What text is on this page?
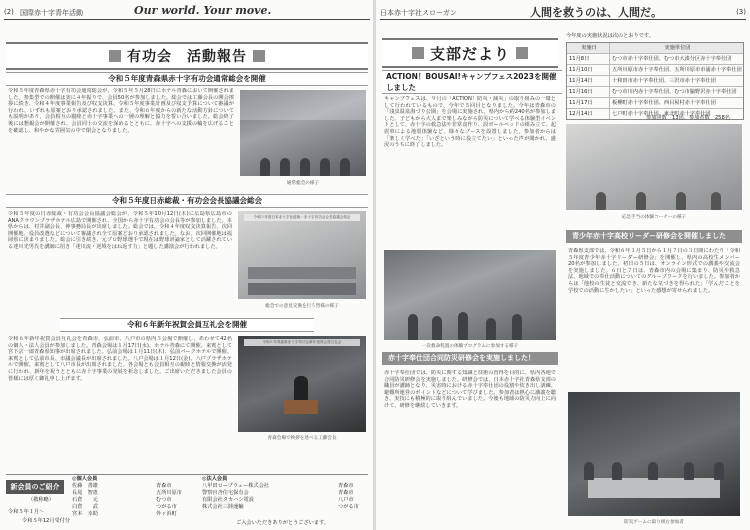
(2) 国際赤十字青年活動	Our world. Your move.
有功会　活動報告
令和５年度青森県赤十字有功会通常総会を開催
令和５年度青森県赤十字有功会通常総会が、令和５年５月28日にホテル青森において開催されました。参集型での開催は実に４年振りで、会員50名が参加しました。総会では工藤会長の開会挨拶に続き、令和４年度事業報告及び収支決算、令和５年度事業計画及び収支予算について審議が行われ、いずれも原案どおり承認されました。また、令和６年度からの新たな活動方針についても説明があり、会員相互の親睦と赤十字事業への一層の理解と協力を誓い合いました。総会終了後には懇親会が開催され、会員同士の交流を深めるとともに、赤十字への支援の輪を広げることを確認し、和やかな雰囲気の中で閉会となりました。
通常総会の様子
令和５年度日赤総裁・有功会会長協議会総会
令和５年度の日赤総裁・有功会会長協議会総会が、令和５年10月12日(木)に広島県広島市のANAクラウンプラザホテル広島で開催され、全国から赤十字有功会の会長等が参加しました。本県からは、村井副会長、神事務局長が出席しました。総会では、令和４年度収支決算報告、次回開催地、役員改選などについて審議され全て原案どおり承認されました。なお、次回開催地は福岡県に決まりました。総会に引き続き、元プロ野球選手で現在は野球評論家として活躍されている達川光男氏を講師に招き「達川流・逆境をはね返す力」と題した講演会が行われました。
令和５年度日本赤十字社総裁・赤十字有功会会長協議会総会
総会での意見交換を行う皆様の様子
令和６年新年祝賀会員互礼会を開催
令和６年新年祝賀会員互礼会を青森市、弘前市、八戸市の県内３会場で開催し、あわせて42名の個人・法人会員が参加しました。青森会場は１月17日(水)、ホテル青森にて開催。来賓として宮下宗一郎青森県知事が出席されました。弘前会場は１月11日(木)、弘前パークホテルで開催。来賓として弘前市長、市議会議長が出席されました。八戸会場は１月12日(金)、八戸プラザホテルで開催。来賓として八戸市長が出席されました。各会場とも会員相互の親睦と情報交換が活発に行われ、新年を祝うとともに赤十字事業の発展を祈念しました。ご出席いただきました会員の皆様には厚く御礼申し上げます。
令和６年青森県赤十字有功会新年祝賀会員互礼会
青森会場で挨拶を述べる工藤会長
新会員のご紹介
（敬称略）
令和５年１月～
令和５年12月受付分
◎個人会員
佐藤　善雄	青森市
長尾　智恵	五所川原市
石倉　　元	むつ市
白倉　　武	つがる市
宮本　幸助	外ヶ浜町
◎法人会員
八甲田ロープウェー株式会社	青森市
警察官舎住宅保有会	青森市
有限会社タカハシ電設	八戸市
株式会社三陸運輸	つがる市
ご入会いただきありがとうございます。
日本赤十字社スローガン	人間を救うのは、人間だ。	(3)
支部だより
ACTION！BOUSAI!キャンプフェス2023を開催しました
キャンプフェスは、９月の「ACTION！防災・減災」の取り組みの一環として行われているもので、今年で５回目となりました。今年は青森市の「浅虫温泉海づり公園」を会場に実施され、県内から約240名が参加しました。子どもから大人まで楽しみながら防災について学べる体験型イベントとして、赤十字の救急法や非常食作り、段ボールベッドの組み立て、起震車による地震体験など、様々なブースを設置しました。参加者からは「楽しく学べた」「いざという時に役立てたい」といった声が聞かれ、盛況のうちに終了しました。
一次救命処置の体験プログラムに参加する様子
今年度の実施状況は次のとおりです。
実施日	実施単位団
11月8日	むつ市赤十字奉仕団、むつ市大湊分区赤十字奉仕団
11月10日	五所川原市赤十字奉仕団、五所川原市市浦赤十字奉仕団
11月14日	十和田市赤十字奉仕団、三沢市赤十字奉仕団
11月16日	むつ市川内赤十字奉仕団、むつ市脇野沢赤十字奉仕団
11月17日	板柳町赤十字奉仕団、西目屋村赤十字奉仕団
12月14日	七戸町赤十字奉仕団、東北町赤十字奉仕団
参加団数　13団、参加者数　258名
応急手当の体験コーナーの様子
青少年赤十字高校リーダー研修会を開催しました
青森県支部では、令和６年１月５日から１月７日の３日間にわたり「令和５年度青少年赤十字リーダー研修会」を開催し、県内の高校生メンバー20名が参加しました。初日の５日は、オンライン形式での講義や交流会を実施しました。６日と７日は、青森市内の会場に集まり、防災や救急法、地域での奉仕活動についてのグループワークを行いました。参加者からは「他校の生徒と交流でき、新たな気づきを得られた」「学んだことを学校での活動に生かしたい」といった感想が寄せられました。
防災ゲームに取り組む参加者
赤十字奉仕団合同防災研修会を実施しました！
赤十字奉仕団では、防災に関する知識と技術の習得を目的に、県内各地で合同防災研修会を実施しました。研修会では、日本赤十字社青森県支部の職員が講師となり、災害時における赤十字奉仕団の役割や炊き出し訓練、避難所運営のポイントなどについて学びました。参加者は熱心に講義を聴き、実技にも積極的に取り組んでいました。今後も地域の防災力向上に向けて、研修を継続していきます。
